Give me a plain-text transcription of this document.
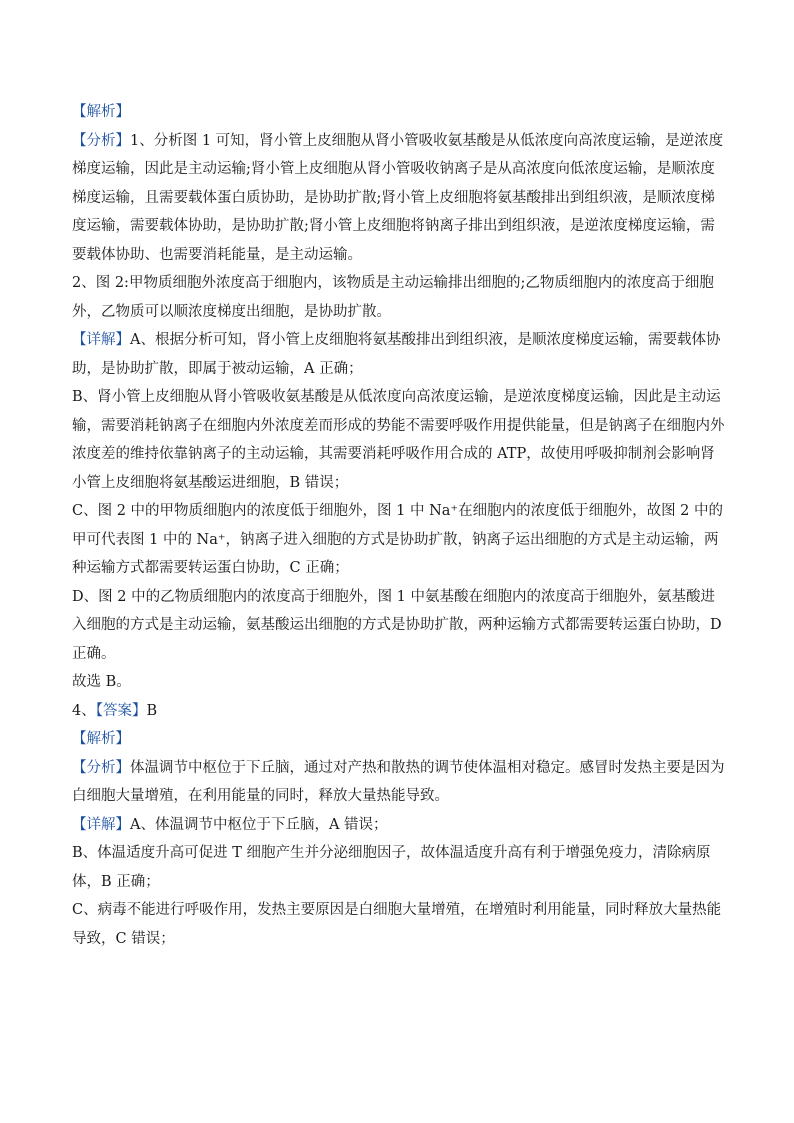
【解析】

【分析】1、分析图 1 可知，肾小管上皮细胞从肾小管吸收氨基酸是从低浓度向高浓度运输，是逆浓度梯度运输，因此是主动运输;肾小管上皮细胞从肾小管吸收钠离子是从高浓度向低浓度运输，是顺浓度梯度运输，且需要载体蛋白质协助，是协助扩散;肾小管上皮细胞将氨基酸排出到组织液，是顺浓度梯度运输，需要载体协助，是协助扩散;肾小管上皮细胞将钠离子排出到组织液，是逆浓度梯度运输，需要载体协助、也需要消耗能量，是主动运输。

2、图 2:甲物质细胞外浓度高于细胞内，该物质是主动运输排出细胞的;乙物质细胞内的浓度高于细胞外，乙物质可以顺浓度梯度出细胞，是协助扩散。

【详解】A、根据分析可知，肾小管上皮细胞将氨基酸排出到组织液，是顺浓度梯度运输，需要载体协助，是协助扩散，即属于被动运输，A 正确；

B、肾小管上皮细胞从肾小管吸收氨基酸是从低浓度向高浓度运输，是逆浓度梯度运输，因此是主动运输，需要消耗钠离子在细胞内外浓度差而形成的势能不需要呼吸作用提供能量，但是钠离子在细胞内外浓度差的维持依靠钠离子的主动运输，其需要消耗呼吸作用合成的 ATP，故使用呼吸抑制剂会影响肾小管上皮细胞将氨基酸运进细胞，B 错误；

C、图 2 中的甲物质细胞内的浓度低于细胞外，图 1 中 Na⁺在细胞内的浓度低于细胞外，故图 2 中的甲可代表图 1 中的 Na⁺，钠离子进入细胞的方式是协助扩散，钠离子运出细胞的方式是主动运输，两种运输方式都需要转运蛋白协助，C 正确；

D、图 2 中的乙物质细胞内的浓度高于细胞外，图 1 中氨基酸在细胞内的浓度高于细胞外，氨基酸进入细胞的方式是主动运输，氨基酸运出细胞的方式是协助扩散，两种运输方式都需要转运蛋白协助，D 正确。

故选 B。

4、【答案】B

【解析】

【分析】体温调节中枢位于下丘脑，通过对产热和散热的调节使体温相对稳定。感冒时发热主要是因为白细胞大量增殖，在利用能量的同时，释放大量热能导致。

【详解】A、体温调节中枢位于下丘脑，A 错误；

B、体温适度升高可促进 T 细胞产生并分泌细胞因子，故体温适度升高有利于增强免疫力，清除病原体，B 正确；

C、病毒不能进行呼吸作用，发热主要原因是白细胞大量增殖，在增殖时利用能量，同时释放大量热能导致，C 错误；
